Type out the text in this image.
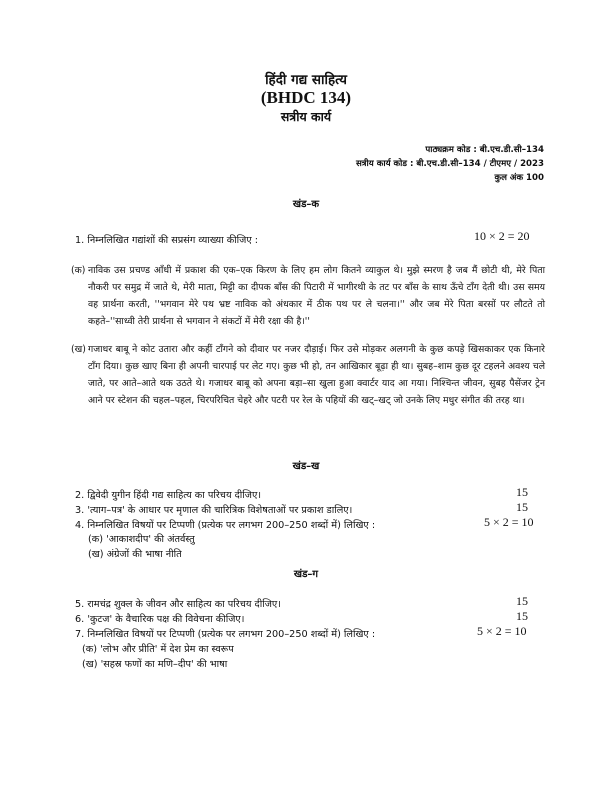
हिंदी गद्य साहित्य
(BHDC 134)
सत्रीय कार्य
पाठ्यक्रम कोड : बी.एच.डी.सी–134
सत्रीय कार्य कोड : बी.एच.डी.सी–134 / टीएमए / 2023
कुल अंक 100
खंड–क
1. निम्नलिखित गद्यांशों की सप्रसंग व्याख्या कीजिए :	10 × 2 = 20
(क) नाविक उस प्रचण्ड आँधी में प्रकाश की एक–एक किरण के लिए हम लोग कितने व्याकुल थे। मुझे स्मरण है जब मैं छोटी थी, मेरे पिता नौकरी पर समुद्र में जाते थे, मेरी माता, मिट्टी का दीपक बाँस की पिटारी में भागीरथी के तट पर बाँस के साथ ऊँचे टाँग देती थी। उस समय वह प्रार्थना करती, ''भगवान मेरे पथ भ्रष्ट नाविक को अंधकार में ठीक पथ पर ले चलना।'' और जब मेरे पिता बरसों पर लौटते तो कहते–''साध्वी तेरी प्रार्थना से भगवान ने संकटों में मेरी रक्षा की है।''
(ख) गजाधर बाबू ने कोट उतारा और कहीं टाँगने को दीवार पर नजर दौड़ाई। फिर उसे मोड़कर अलगनी के कुछ कपड़े खिसकाकर एक किनारे टाँग दिया। कुछ खाए बिना ही अपनी चारपाई पर लेट गए। कुछ भी हो, तन आखिकार बूढ़ा ही था। सुबह–शाम कुछ दूर टहलने अवश्य चले जाते, पर आते–आते थक उठते थे। गजाधर बाबू को अपना बड़ा–सा खुला हुआ क्वार्टर याद आ गया। निश्चिन्त जीवन, सुबह पैसेंजर ट्रेन आने पर स्टेशन की चहल–पहल, चिरपरिचित चेहरे और पटरी पर रेल के पहियों की खट्–खट् जो उनके लिए मधुर संगीत की तरह था।
खंड–ख
2. द्विवेदी युगीन हिंदी गद्य साहित्य का परिचय दीजिए।	15
3. 'त्याग–पत्र' के आधार पर मृणाल की चारित्रिक विशेषताओं पर प्रकाश डालिए।	15
4. निम्नलिखित विषयों पर टिप्पणी (प्रत्येक पर लगभग 200–250 शब्दों में) लिखिए :	5 × 2 = 10
(क) 'आकाशदीप' की अंतर्वस्तु
(ख) अंग्रेजों की भाषा नीति
खंड–ग
5. रामचंद्र शुक्ल के जीवन और साहित्य का परिचय दीजिए।	15
6. 'कुटज' के वैचारिक पक्ष की विवेचना कीजिए।	15
7. निम्नलिखित विषयों पर टिप्पणी (प्रत्येक पर लगभग 200–250 शब्दों में) लिखिए :	5 × 2 = 10
(क) 'लोभ और प्रीति' में देश प्रेम का स्वरूप
(ख) 'सहस्र फणों का मणि–दीप' की भाषा
